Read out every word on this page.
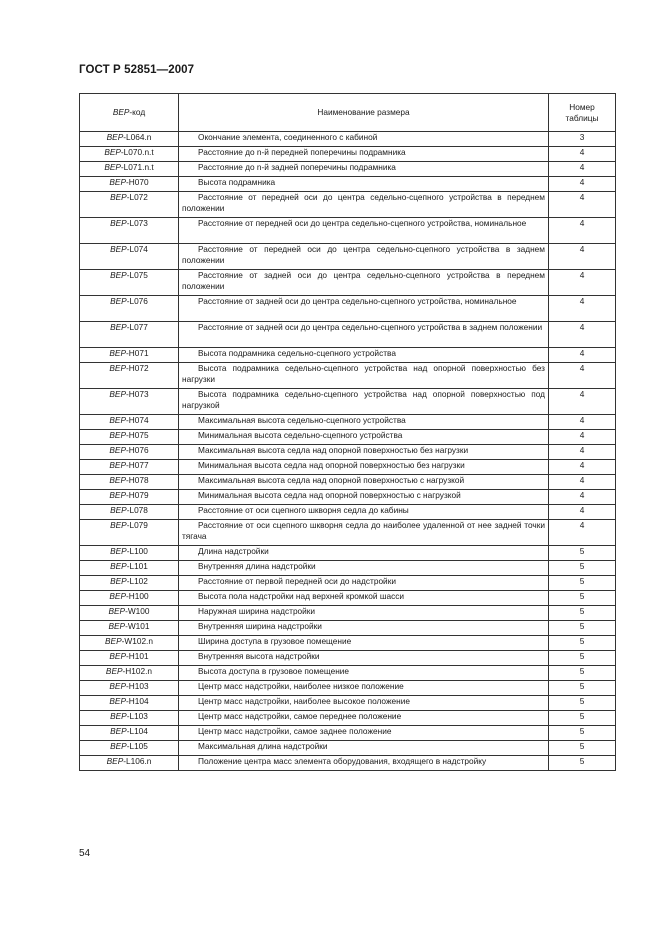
ГОСТ Р 52851—2007
ВЕР-код	Наименование размера	Номер таблицы
ВЕР-L064.n	Окончание элемента, соединенного с кабиной	3
ВЕР-L070.n.t	Расстояние до n-й передней поперечины подрамника	4
ВЕР-L071.n.t	Расстояние до n-й задней поперечины подрамника	4
ВЕР-Н070	Высота подрамника	4
ВЕР-L072	Расстояние от передней оси до центра седельно-сцепного устройства в переднем положении	4
ВЕР-L073	Расстояние от передней оси до центра седельно-сцепного устройства, номинальное	4
ВЕР-L074	Расстояние от передней оси до центра седельно-сцепного устройства в заднем положении	4
ВЕР-L075	Расстояние от задней оси до центра седельно-сцепного устройства в переднем положении	4
ВЕР-L076	Расстояние от задней оси до центра седельно-сцепного устройства, номинальное	4
ВЕР-L077	Расстояние от задней оси до центра седельно-сцепного устройства в заднем положении	4
ВЕР-Н071	Высота подрамника седельно-сцепного устройства	4
ВЕР-Н072	Высота подрамника седельно-сцепного устройства над опорной поверхностью без нагрузки	4
ВЕР-Н073	Высота подрамника седельно-сцепного устройства над опорной поверхностью под нагрузкой	4
ВЕР-Н074	Максимальная высота седельно-сцепного устройства	4
ВЕР-Н075	Минимальная высота седельно-сцепного устройства	4
ВЕР-Н076	Максимальная высота седла над опорной поверхностью без нагрузки	4
ВЕР-Н077	Минимальная высота седла над опорной поверхностью без нагрузки	4
ВЕР-Н078	Максимальная высота седла над опорной поверхностью с нагрузкой	4
ВЕР-Н079	Минимальная высота седла над опорной поверхностью с нагрузкой	4
ВЕР-L078	Расстояние от оси сцепного шкворня седла до кабины	4
ВЕР-L079	Расстояние от оси сцепного шкворня седла до наиболее удаленной от нее задней точки тягача	4
ВЕР-L100	Длина надстройки	5
ВЕР-L101	Внутренняя длина надстройки	5
ВЕР-L102	Расстояние от первой передней оси до надстройки	5
ВЕР-Н100	Высота пола надстройки над верхней кромкой шасси	5
ВЕР-W100	Наружная ширина надстройки	5
ВЕР-W101	Внутренняя ширина надстройки	5
ВЕР-W102.n	Ширина доступа в грузовое помещение	5
ВЕР-Н101	Внутренняя высота надстройки	5
ВЕР-Н102.n	Высота доступа в грузовое помещение	5
ВЕР-Н103	Центр масс надстройки, наиболее низкое положение	5
ВЕР-Н104	Центр масс надстройки, наиболее высокое положение	5
ВЕР-L103	Центр масс надстройки, самое переднее положение	5
ВЕР-L104	Центр масс надстройки, самое заднее положение	5
ВЕР-L105	Максимальная длина надстройки	5
ВЕР-L106.n	Положение центра масс элемента оборудования, входящего в надстройку	5
54
